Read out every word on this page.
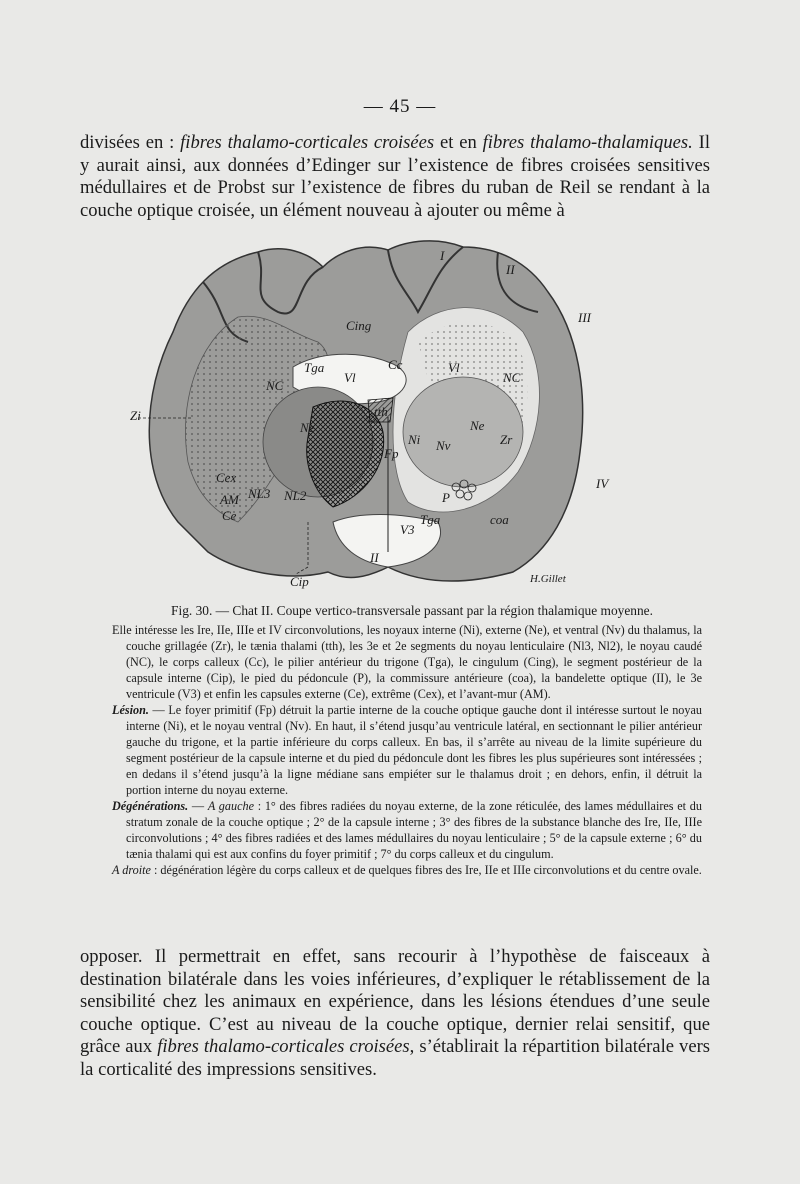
— 45 —

divisées en : fibres thalamo-corticales croisées et en fibres thalamo-thalamiques. Il y aurait ainsi, aux données d’Edinger sur l’existence de fibres croisées sensitives médullaires et de Probst sur l’existence de fibres du ruban de Reil se rendant à la couche optique croisée, un élément nouveau à ajouter ou même à

I
II
III
IV
Cing
Tga
Vl
Cc	Vl
NC
NC
Zi
Ne
tth
Fp
Ni Nv
Ne
Zr
Cex
AM
Ce
NL3 NL2	P
Tga
V3
coa
II
Cip	H.Gillet
Fig. 30. — Chat II. Coupe vertico-transversale passant par la région thalamique moyenne.

Elle intéresse les Ire, IIe, IIIe et IV circonvolutions, les noyaux interne (Ni), externe (Ne), et ventral (Nv) du thalamus, la couche grillagée (Zr), le tænia thalami (tth), les 3e et 2e segments du noyau lenticulaire (Nl3, Nl2), le noyau caudé (NC), le corps calleux (Cc), le pilier antérieur du trigone (Tga), le cingulum (Cing), le segment postérieur de la capsule interne (Cip), le pied du pédoncule (P), la commissure antérieure (coa), la bandelette optique (II), le 3e ventricule (V3) et enfin les capsules externe (Ce), extrême (Cex), et l’avant-mur (AM).

Lésion. — Le foyer primitif (Fp) détruit la partie interne de la couche optique gauche dont il intéresse surtout le noyau interne (Ni), et le noyau ventral (Nv). En haut, il s’étend jusqu’au ventricule latéral, en sectionnant le pilier antérieur gauche du trigone, et la partie inférieure du corps calleux. En bas, il s’arrête au niveau de la limite supérieure du segment postérieur de la capsule interne et du pied du pédoncule dont les fibres les plus supérieures sont intéressées ; en dedans il s’étend jusqu’à la ligne médiane sans empiéter sur le thalamus droit ; en dehors, enfin, il détruit la portion interne du noyau externe.

Dégénérations. — A gauche : 1° des fibres radiées du noyau externe, de la zone réticulée, des lames médullaires et du stratum zonale de la couche optique ; 2° de la capsule interne ; 3° des fibres de la substance blanche des Ire, IIe, IIIe circonvolutions ; 4° des fibres radiées et des lames médullaires du noyau lenticulaire ; 5° de la capsule externe ; 6° du tænia thalami qui est aux confins du foyer primitif ; 7° du corps calleux et du cingulum.

A droite : dégénération légère du corps calleux et de quelques fibres des Ire, IIe et IIIe circonvolutions et du centre ovale.

opposer. Il permettrait en effet, sans recourir à l’hypothèse de faisceaux à destination bilatérale dans les voies inférieures, d’expliquer le rétablissement de la sensibilité chez les animaux en expérience, dans les lésions étendues d’une seule couche optique. C’est au niveau de la couche optique, dernier relai sensitif, que grâce aux fibres thalamo-corticales croisées, s’établirait la répartition bilatérale vers la corticalité des impressions sensitives.
